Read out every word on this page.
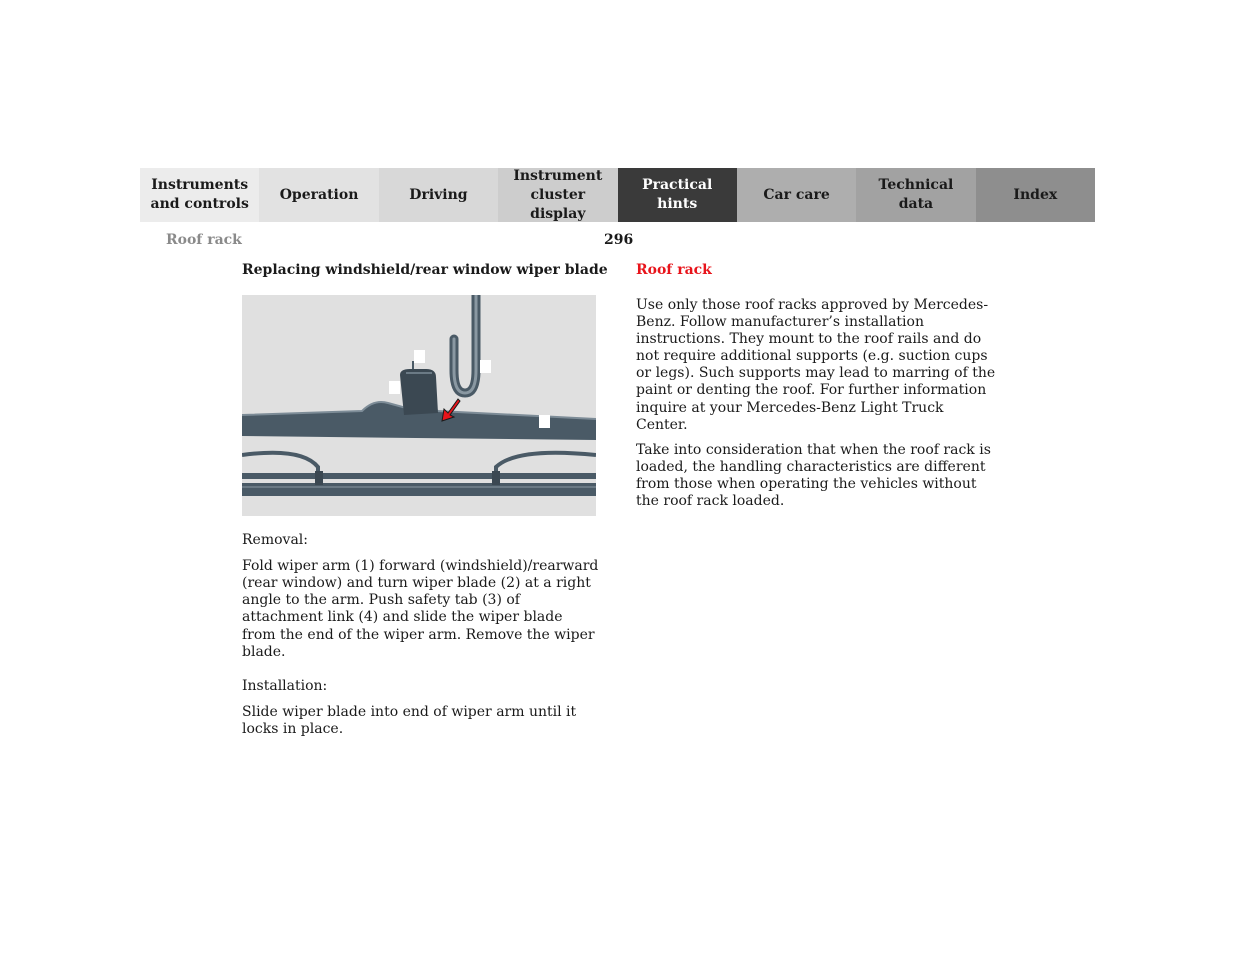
Instruments
and controls
Operation	Driving
Instrument
cluster display
Practical hints
Car care
Technical
data
Index
Roof rack	296
Replacing windshield/rear window wiper blade

Removal:

Fold wiper arm (1) forward (windshield)/rearward (rear window) and turn wiper blade (2) at a right angle to the arm. Push safety tab (3) of attachment link (4) and slide the wiper blade from the end of the wiper arm. Remove the wiper blade.

Installation:

Slide wiper blade into end of wiper arm until it locks in place.

Roof rack

Use only those roof racks approved by Mercedes-Benz. Follow manufacturer’s installation instructions. They mount to the roof rails and do not require additional supports (e.g. suction cups or legs). Such supports may lead to marring of the paint or denting the roof. For further information inquire at your Mercedes-Benz Light Truck Center.

Take into consideration that when the roof rack is loaded, the handling characteristics are different from those when operating the vehicles without the roof rack loaded.
